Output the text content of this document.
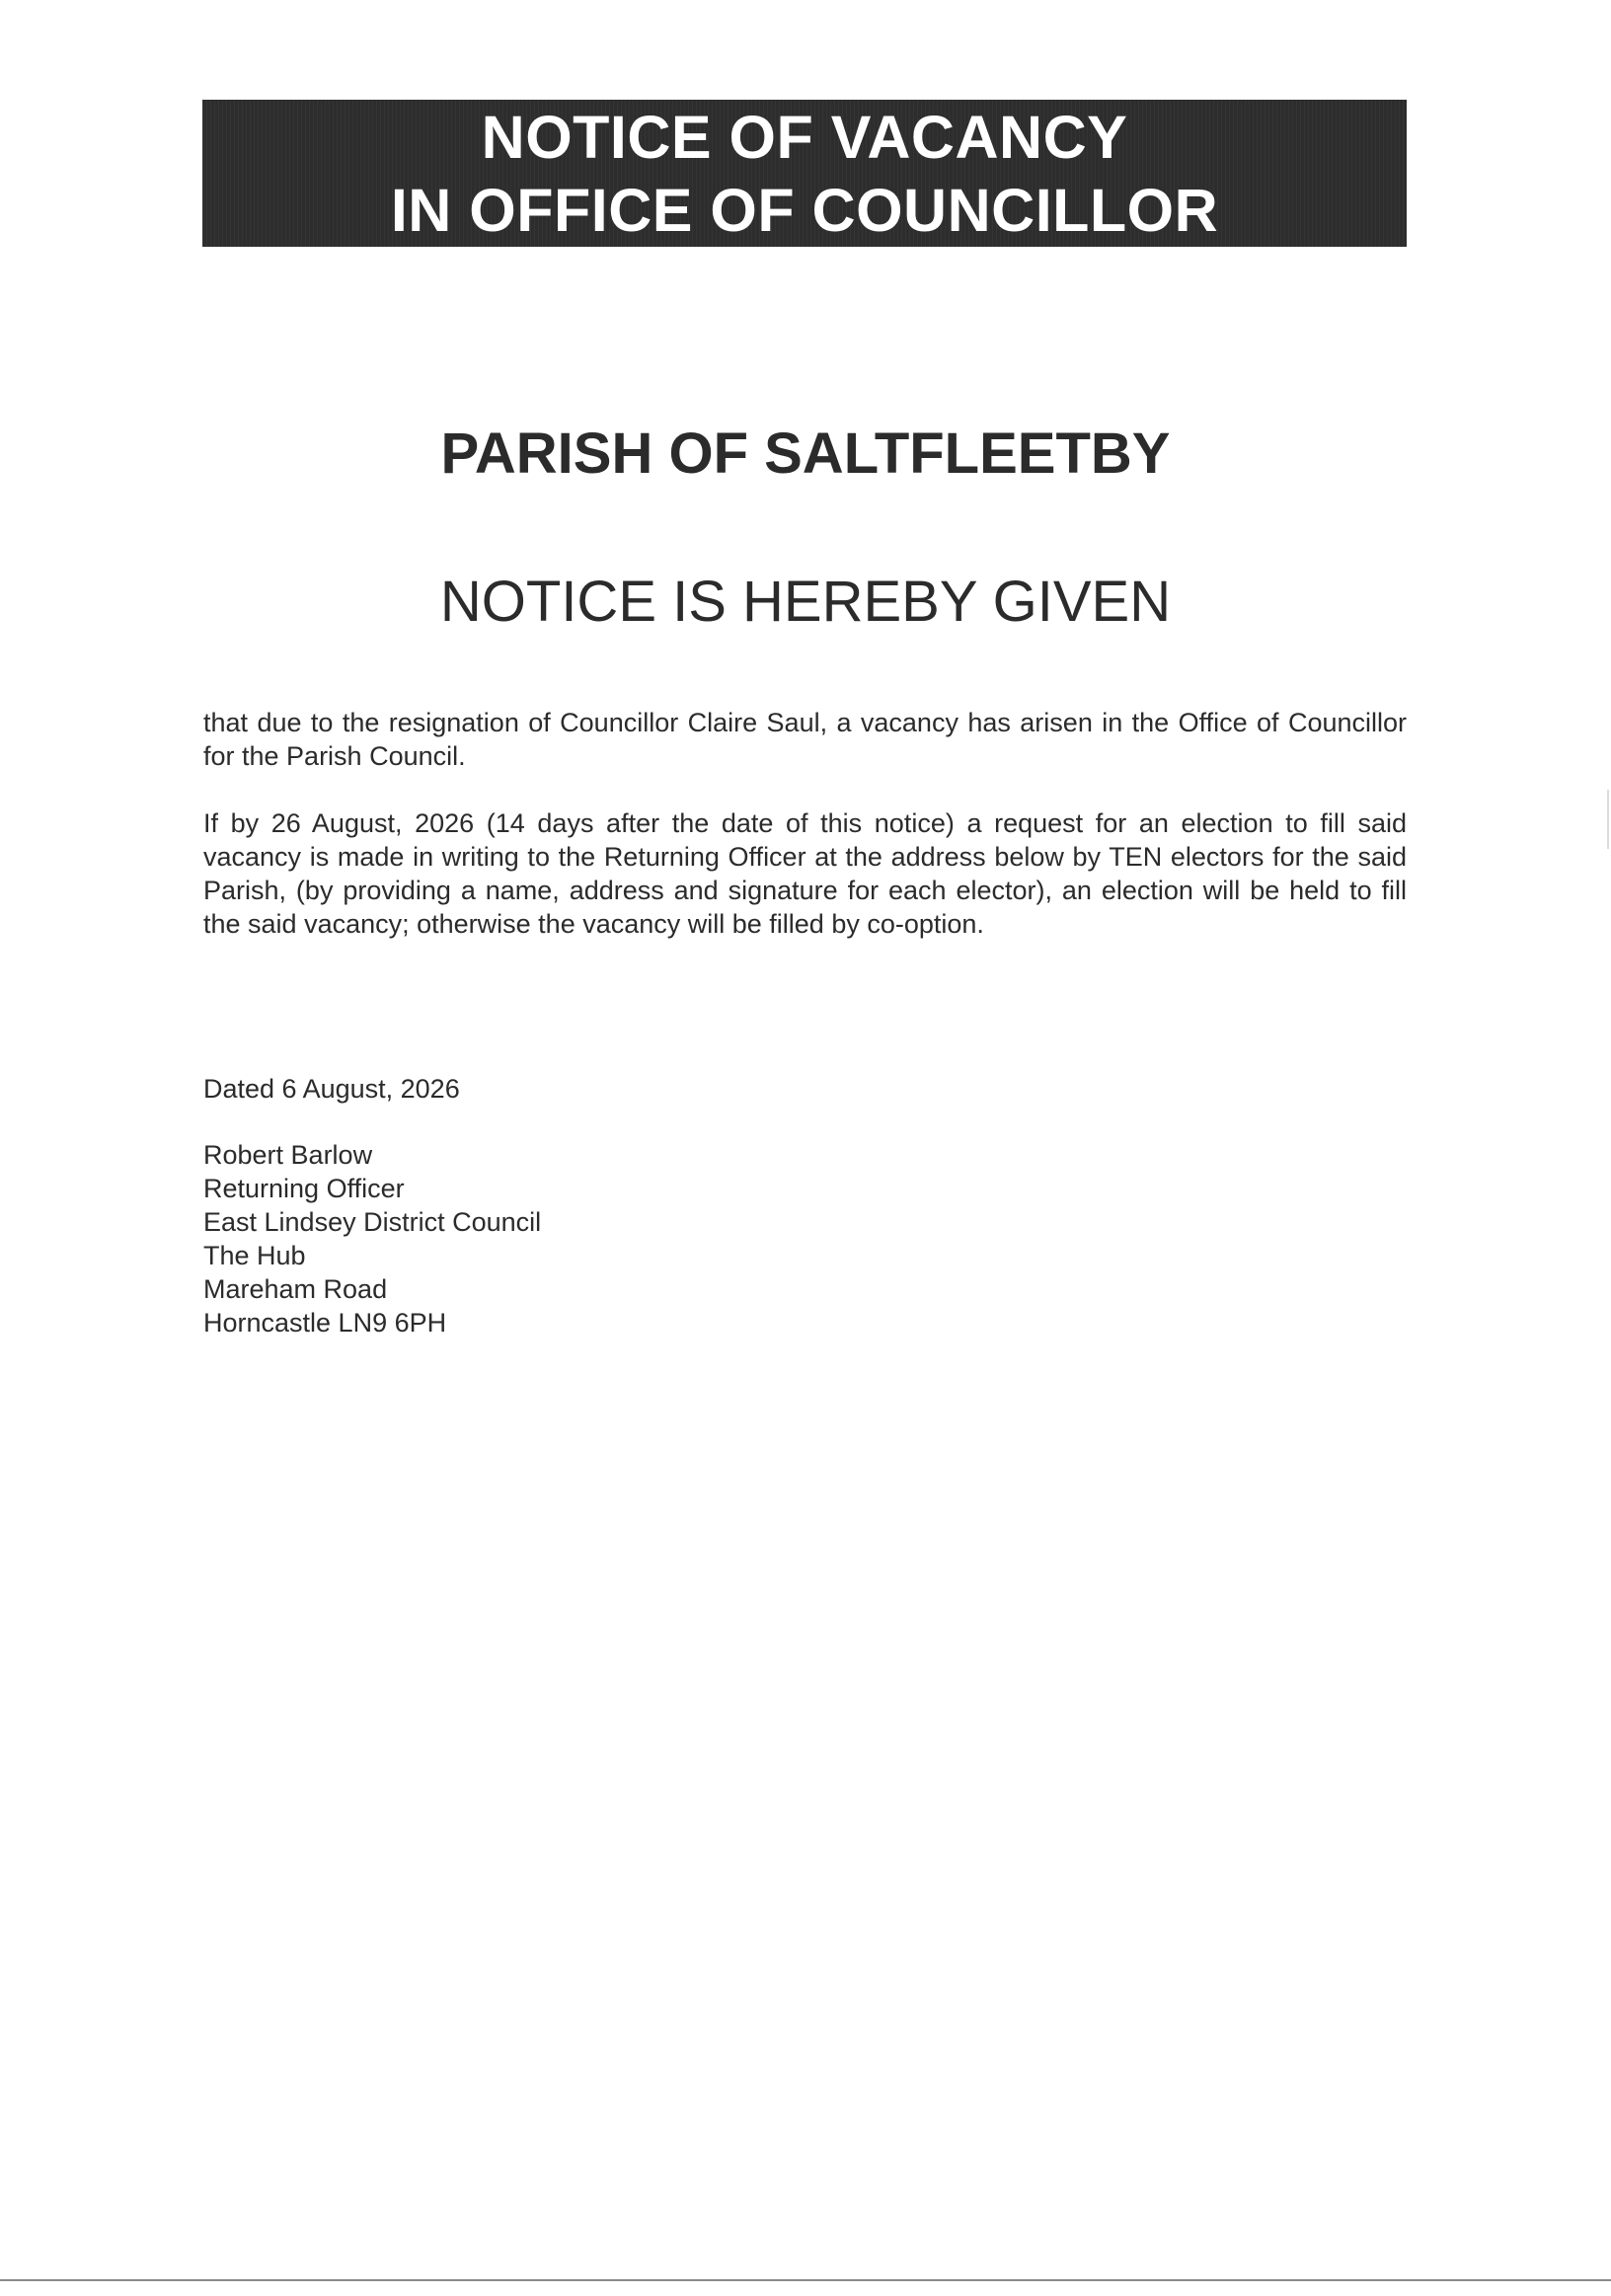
NOTICE OF VACANCY
IN OFFICE OF COUNCILLOR
PARISH OF SALTFLEETBY
NOTICE IS HEREBY GIVEN
that due to the resignation of Councillor Claire Saul, a vacancy has arisen in the Office of Councillor for the Parish Council.
If by 26 August, 2026 (14 days after the date of this notice) a request for an election to fill said vacancy is made in writing to the Returning Officer at the address below by TEN electors for the said Parish, (by providing a name, address and signature for each elector), an election will be held to fill the said vacancy; otherwise the vacancy will be filled by co-option.
Dated 6 August, 2026
Robert Barlow
Returning Officer
East Lindsey District Council
The Hub
Mareham Road
Horncastle LN9 6PH
